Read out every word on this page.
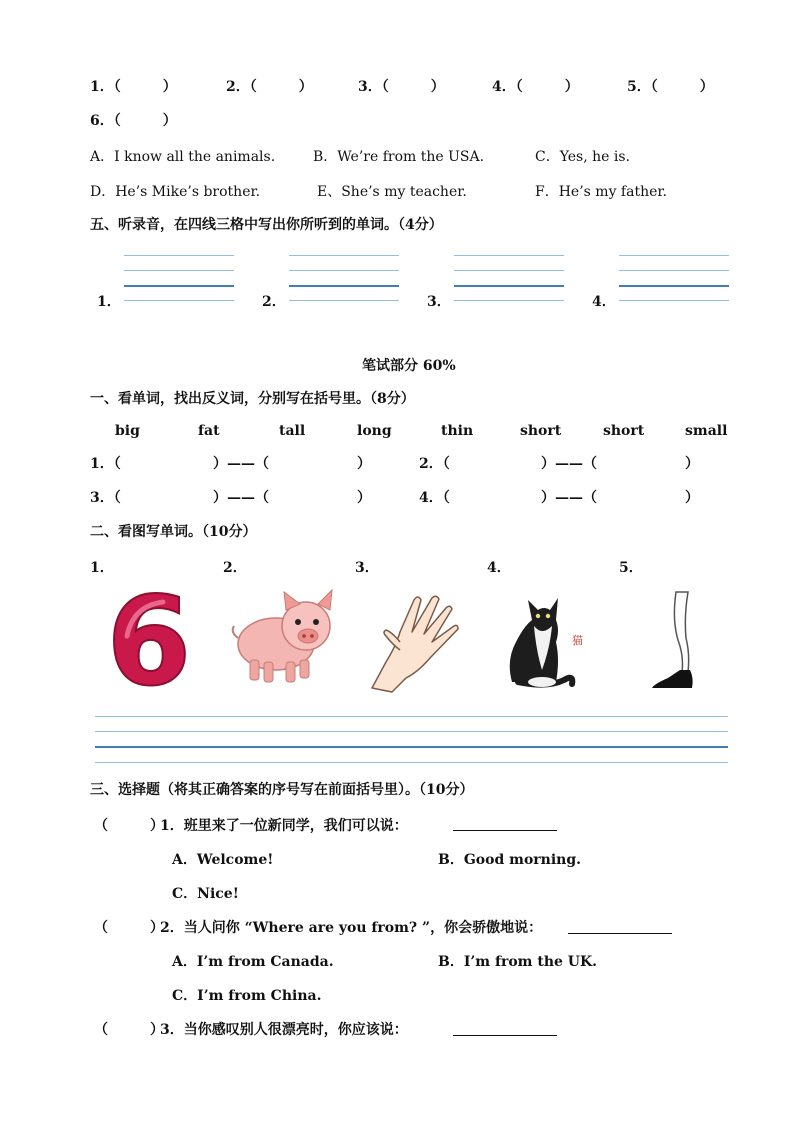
1．（　　　）	2．（　　　）	3．（　　　）	4．（　　　）	5．（　　　）
6．（　　　）
A．I know all the animals.	B．We’re from the USA.	C．Yes, he is.
D．He’s Mike’s brother.	E、She’s my teacher.	F．He’s my father.
五、听录音，在四线三格中写出你所听到的单词。（4分）
1．	2．	3．	4．
笔试部分 60%
一、看单词，找出反义词，分别写在括号里。（8分）
big	fat	tall	long	thin	short	short	small
1．（	）——（	）	2．（	）——（	）
3．（	）——（	）	4．（	）——（	）
二、看图写单词。（10分）
1．	2．	3．	4．	5．
6	猫
三、选择题（将其正确答案的序号写在前面括号里）。（10分）
（　　　）
1．班里来了一位新同学，我们可以说：
A．Welcome!	B．Good morning.
C．Nice!
（　　　）
2．当人问你 “Where are you from? ”，你会骄傲地说：
A．I’m from Canada.	B．I’m from the UK.
C．I’m from China.
（　　　）
3．当你感叹别人很漂亮时，你应该说：
